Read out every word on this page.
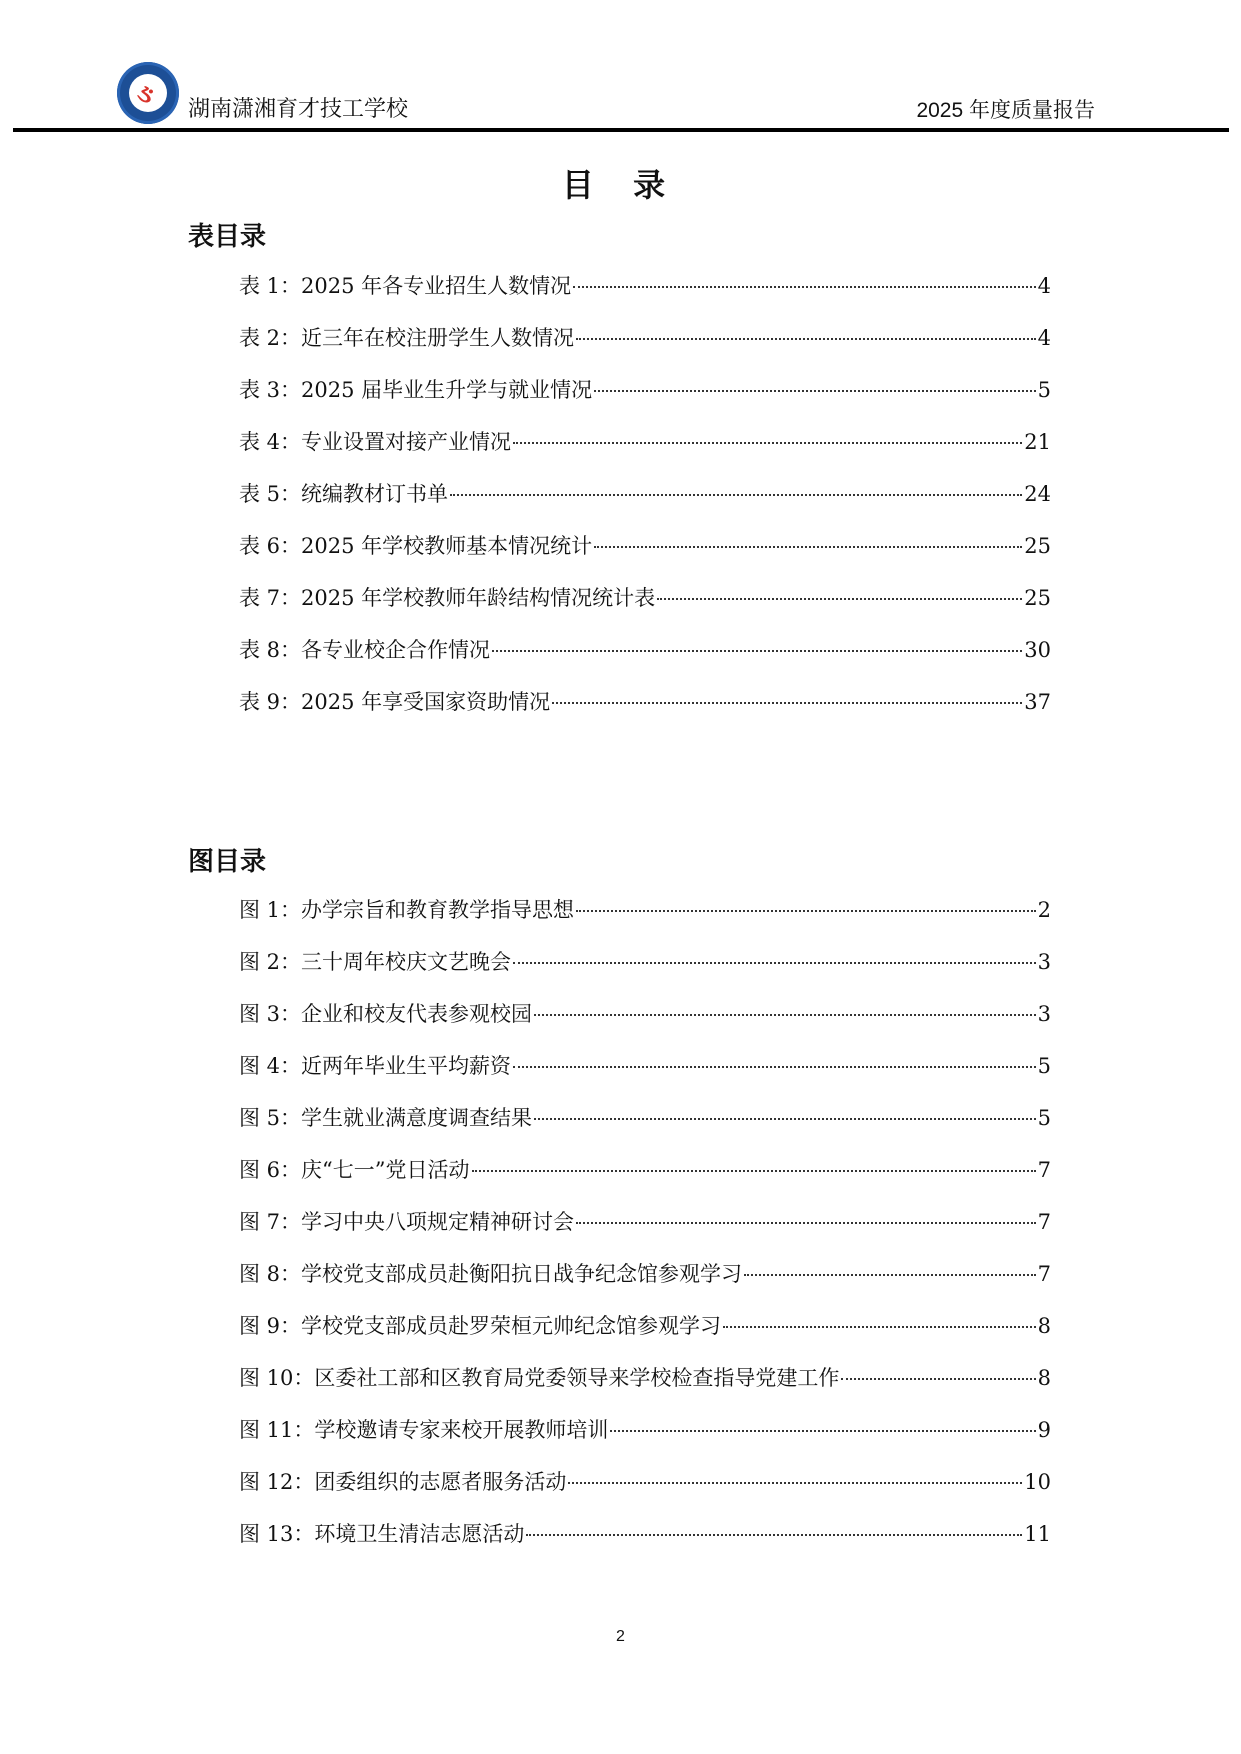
ઙ
湖南潇湘育才技工学校	2025 年度质量报告
目 录
表目录
表 1：2025 年各专业招生人数情况	4
表 2：近三年在校注册学生人数情况	4
表 3：2025 届毕业生升学与就业情况	5
表 4：专业设置对接产业情况	21
表 5：统编教材订书单	24
表 6：2025 年学校教师基本情况统计	25
表 7：2025 年学校教师年龄结构情况统计表	25
表 8：各专业校企合作情况	30
表 9：2025 年享受国家资助情况	37
图目录
图 1：办学宗旨和教育教学指导思想	2
图 2：三十周年校庆文艺晚会	3
图 3：企业和校友代表参观校园	3
图 4：近两年毕业生平均薪资	5
图 5：学生就业满意度调查结果	5
图 6：庆“七一”党日活动	7
图 7：学习中央八项规定精神研讨会	7
图 8：学校党支部成员赴衡阳抗日战争纪念馆参观学习	7
图 9：学校党支部成员赴罗荣桓元帅纪念馆参观学习	8
图 10：区委社工部和区教育局党委领导来学校检查指导党建工作	8
图 11：学校邀请专家来校开展教师培训	9
图 12：团委组织的志愿者服务活动	10
图 13：环境卫生清洁志愿活动	11
2
